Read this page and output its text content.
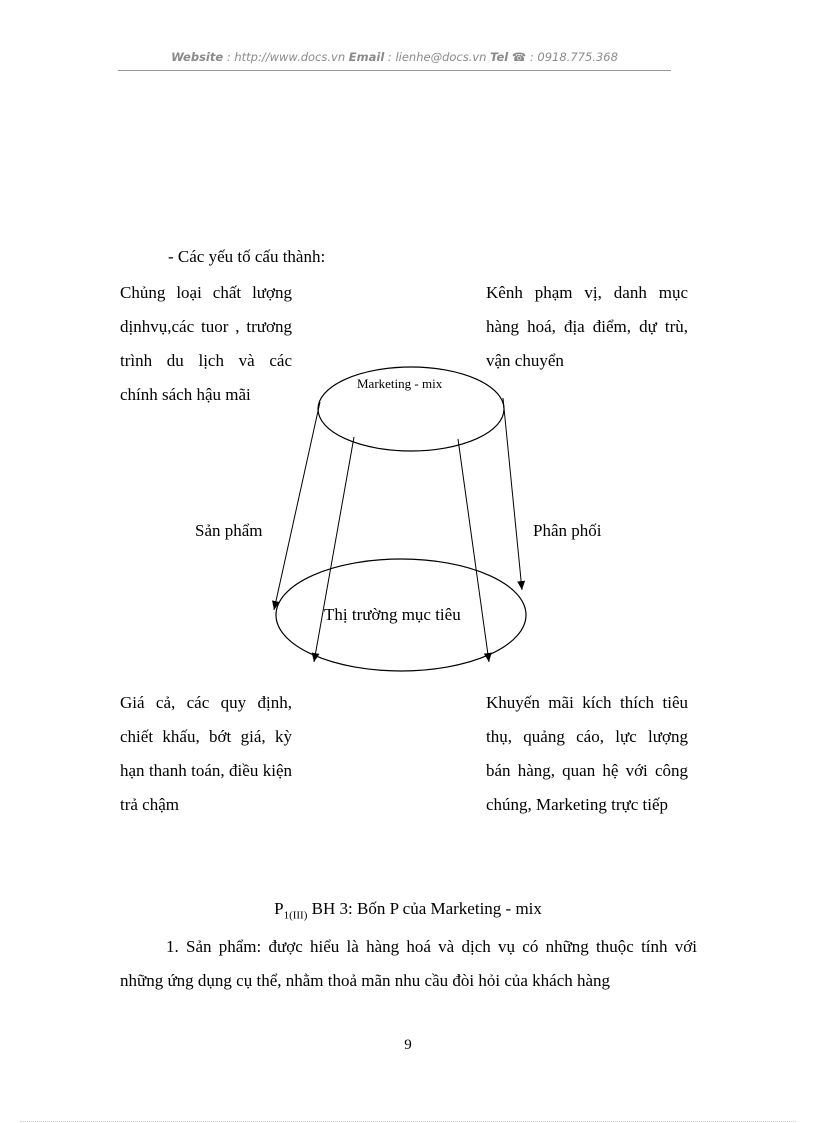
Website : http://www.docs.vn Email : lienhe@docs.vn Tel ☎ : 0918.775.368
- Các yếu tố cấu thành:
Chủng loại chất lượng dịnhvụ,các tuor , trương trình du lịch và các chính sách hậu mãi
Kênh phạm vị, danh mục hàng hoá, địa điểm, dự trù, vận chuyển
Marketing - mix
Thị trường mục tiêu
Sản phẩm	Phân phối
Giá cả, các quy định, chiết khấu, bớt giá, kỳ hạn thanh toán, điều kiện trả chậm
Khuyến mãi kích thích tiêu thụ, quảng cáo, lực lượng bán hàng, quan hệ với công chúng, Marketing trực tiếp
$P_{1(III)}$ BH 3: Bốn P của Marketing - mix
1. Sản phẩm: được hiểu là hàng hoá và dịch vụ có những thuộc tính với những ứng dụng cụ thể, nhằm thoả mãn nhu cầu đòi hỏi của khách hàng
9
